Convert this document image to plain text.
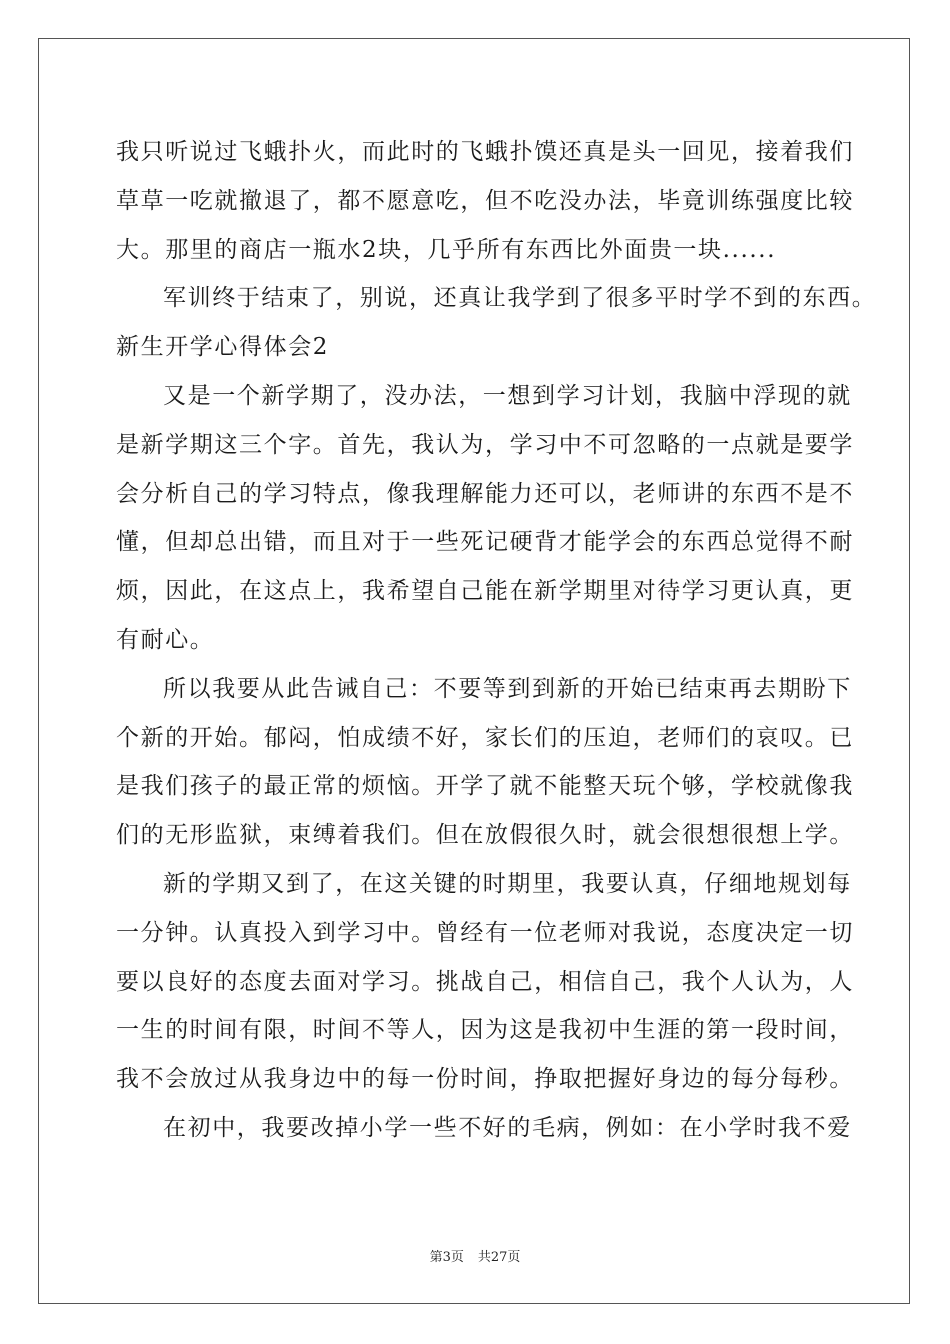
我只听说过飞蛾扑火，而此时的飞蛾扑馍还真是头一回见，接着我们
草草一吃就撤退了，都不愿意吃，但不吃没办法，毕竟训练强度比较
大。那里的商店一瓶水2块，几乎所有东西比外面贵一块......
军训终于结束了，别说，还真让我学到了很多平时学不到的东西。
新生开学心得体会2
又是一个新学期了，没办法，一想到学习计划，我脑中浮现的就
是新学期这三个字。首先，我认为，学习中不可忽略的一点就是要学
会分析自己的学习特点，像我理解能力还可以，老师讲的东西不是不
懂，但却总出错，而且对于一些死记硬背才能学会的东西总觉得不耐
烦，因此，在这点上，我希望自己能在新学期里对待学习更认真，更
有耐心。
所以我要从此告诫自己：不要等到到新的开始已结束再去期盼下
个新的开始。郁闷，怕成绩不好，家长们的压迫，老师们的哀叹。已
是我们孩子的最正常的烦恼。开学了就不能整天玩个够，学校就像我
们的无形监狱，束缚着我们。但在放假很久时，就会很想很想上学。
新的学期又到了，在这关键的时期里，我要认真，仔细地规划每
一分钟。认真投入到学习中。曾经有一位老师对我说，态度决定一切
要以良好的态度去面对学习。挑战自己，相信自己，我个人认为，人
一生的时间有限，时间不等人，因为这是我初中生涯的第一段时间，
我不会放过从我身边中的每一份时间，挣取把握好身边的每分每秒。
在初中，我要改掉小学一些不好的毛病，例如：在小学时我不爱
第3页 共27页
